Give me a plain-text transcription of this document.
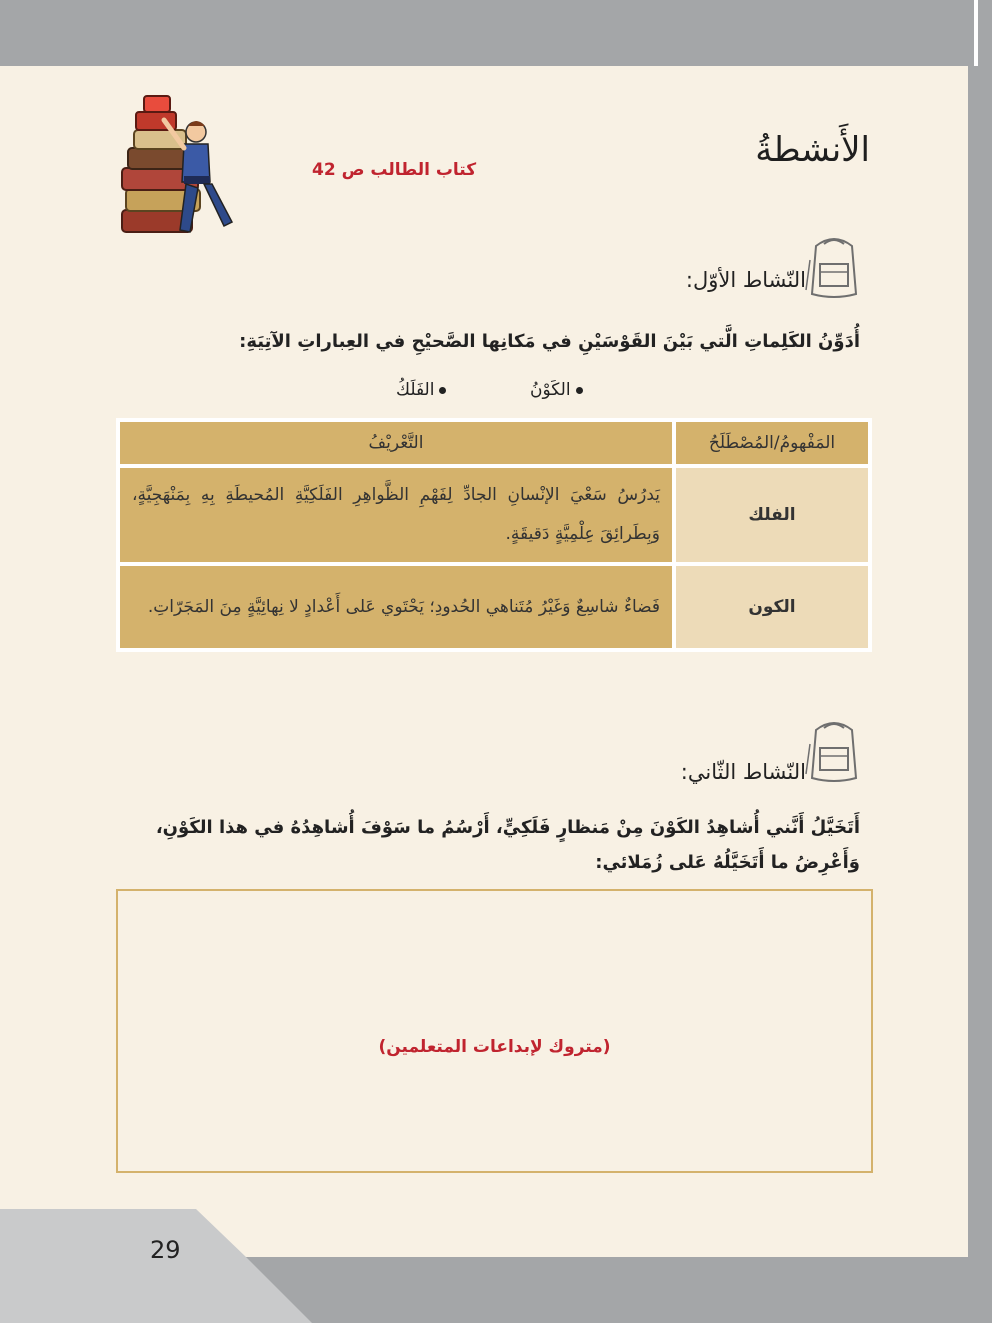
الأَنشطةُ
كتاب الطالب ص 42
النّشاط الأوّل:
أُدَوِّنُ الكَلِماتِ الَّتي بَيْنَ القَوْسَيْنِ في مَكانِها الصَّحيْحِ في العِباراتِ الآتِيَةِ:
الكَوْنُ
الفَلَكُ
المَفْهومُ/المُصْطَلَحُ	التَّعْريْفُ
الفلك	يَدرُسُ سَعْيَ الإنْسانِ الجادِّ لِفَهْمِ الظَّواهِرِ الفَلَكِيَّةِ المُحيطَةِ بِهِ بِمَنْهَجِيَّةٍ، وَبِطَرائِقَ عِلْمِيَّةٍ دَقيقَةٍ.
الكون	فَضاءٌ شاسِعٌ وَغَيْرُ مُتَناهي الحُدودِ؛ يَحْتَوي عَلى أَعْدادٍ لا نِهائِيَّةٍ مِنَ المَجَرّاتِ.
النّشاط الثّاني:
أَتَخَيَّلُ أَنَّني أُشاهِدُ الكَوْنَ مِنْ مَنظارٍ فَلَكِيٍّ، أَرْسُمُ ما سَوْفَ أُشاهِدُهُ في هذا الكَوْنِ، وَأَعْرِضُ ما أَتَخَيَّلُهُ عَلى زُمَلائي:
(متروك لإبداعات المتعلمين)
29
